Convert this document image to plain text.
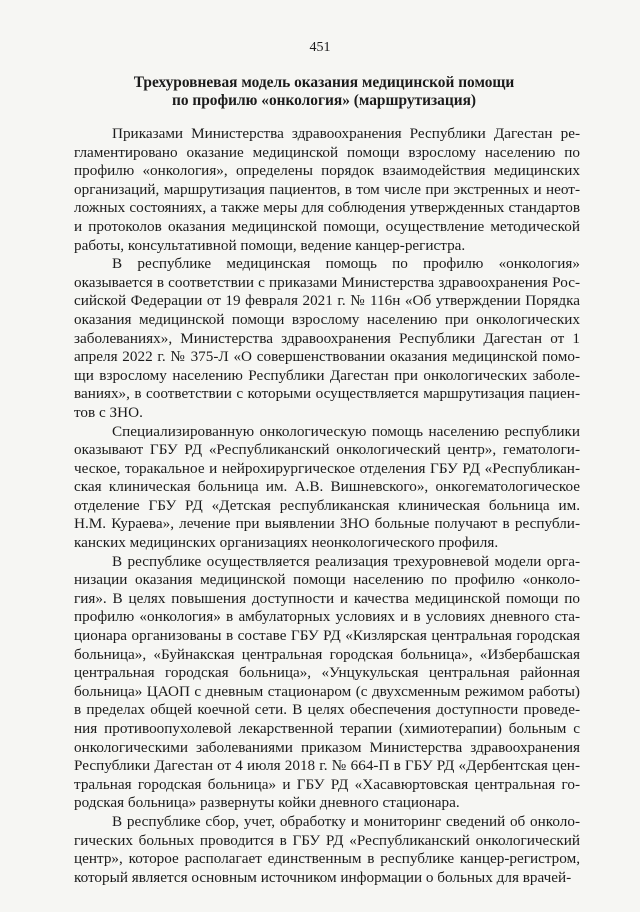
451
Трехуровневая модель оказания медицинской помощи
по профилю «онкология» (маршрутизация)

Приказами Министерства здравоохранения Республики Дагестан регламентировано оказание медицинской помощи взрослому населению по профилю «онкология», определены порядок взаимодействия медицинских организаций, маршрутизация пациентов, в том числе при экстренных и неотложных состояниях, а также меры для соблюдения утвержденных стандартов и протоколов оказания медицинской помощи, осуществление методической работы, консультативной помощи, ведение канцер-регистра.

В республике медицинская помощь по профилю «онкология» оказывается в соответствии с приказами Министерства здравоохранения Российской Федерации от 19 февраля 2021 г. № 116н «Об утверждении Порядка оказания медицинской помощи взрослому населению при онкологических заболеваниях», Министерства здравоохранения Республики Дагестан от 1 апреля 2022 г. № 375-Л «О совершенствовании оказания медицинской помощи взрослому населению Республики Дагестан при онкологических заболеваниях», в соответствии с которыми осуществляется маршрутизация пациентов с ЗНО.

Специализированную онкологическую помощь населению республики оказывают ГБУ РД «Республиканский онкологический центр», гематологическое, торакальное и нейрохирургическое отделения ГБУ РД «Республиканская клиническая больница им. А.В. Вишневского», онкогематологическое отделение ГБУ РД «Детская республиканская клиническая больница им. Н.М. Кураева», лечение при выявлении ЗНО больные получают в республиканских медицинских организациях неонкологического профиля.

В республике осуществляется реализация трехуровневой модели организации оказания медицинской помощи населению по профилю «онкология». В целях повышения доступности и качества медицинской помощи по профилю «онкология» в амбулаторных условиях и в условиях дневного стационара организованы в составе ГБУ РД «Кизлярская центральная городская больница», «Буйнакская центральная городская больница», «Избербашская центральная городская больница», «Унцукульская центральная районная больница» ЦАОП с дневным стационаром (с двухсменным режимом работы) в пределах общей коечной сети. В целях обеспечения доступности проведения противоопухолевой лекарственной терапии (химиотерапии) больным с онкологическими заболеваниями приказом Министерства здравоохранения Республики Дагестан от 4 июля 2018 г. № 664-П в ГБУ РД «Дербентская центральная городская больница» и ГБУ РД «Хасавюртовская центральная городская больница» развернуты койки дневного стационара.

В республике сбор, учет, обработку и мониторинг сведений об онкологических больных проводится в ГБУ РД «Республиканский онкологический центр», которое располагает единственным в республике канцер-регистром, который является основным источником информации о больных для врачей-
